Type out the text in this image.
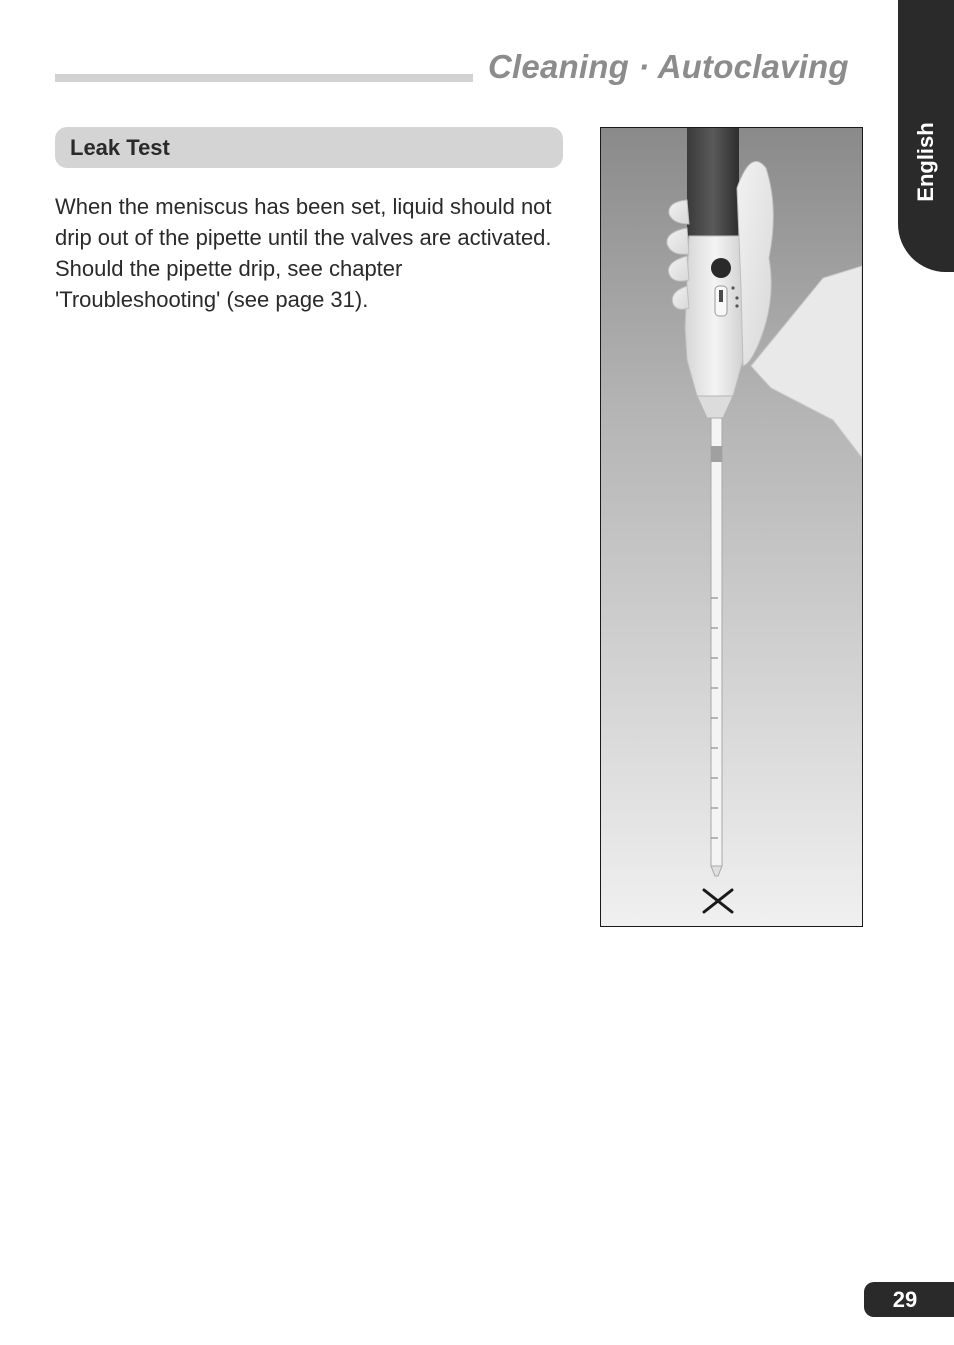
Cleaning · Autoclaving
English
Leak Test

When the meniscus has been set, liquid should not drip out of the pipette until the valves are activated.

Should the pipette drip, see chapter 'Troubleshooting' (see page 31).

29
